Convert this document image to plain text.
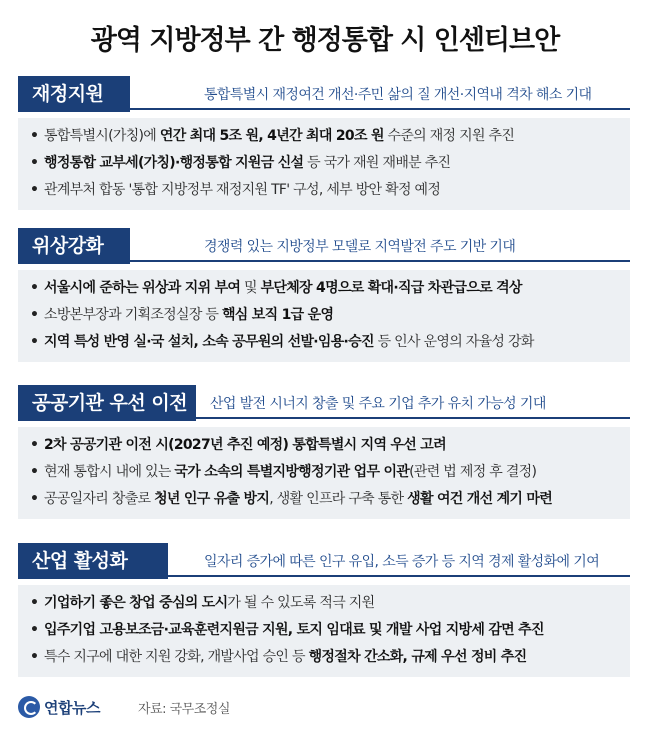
광역 지방정부 간 행정통합 시 인센티브안
재정지원	통합특별시 재정여건 개선·주민 삶의 질 개선·지역내 격차 해소 기대
• 통합특별시(가칭)에 연간 최대 5조 원, 4년간 최대 20조 원 수준의 재정 지원 추진
• 행정통합 교부세(가칭)·행정통합 지원금 신설 등 국가 재원 재배분 추진
• 관계부처 합동 '통합 지방정부 재정지원 TF' 구성, 세부 방안 확정 예정
위상강화	경쟁력 있는 지방정부 모델로 지역발전 주도 기반 기대
• 서울시에 준하는 위상과 지위 부여 및 부단체장 4명으로 확대·직급 차관급으로 격상
• 소방본부장과 기획조정실장 등 핵심 보직 1급 운영
• 지역 특성 반영 실·국 설치, 소속 공무원의 선발·임용·승진 등 인사 운영의 자율성 강화
공공기관 우선 이전	산업 발전 시너지 창출 및 주요 기업 추가 유치 가능성 기대
• 2차 공공기관 이전 시(2027년 추진 예정) 통합특별시 지역 우선 고려
• 현재 통합시 내에 있는 국가 소속의 특별지방행정기관 업무 이관(관련 법 제정 후 결정)
• 공공일자리 창출로 청년 인구 유출 방지, 생활 인프라 구축 통한 생활 여건 개선 계기 마련
산업 활성화	일자리 증가에 따른 인구 유입, 소득 증가 등 지역 경제 활성화에 기여
• 기업하기 좋은 창업 중심의 도시가 될 수 있도록 적극 지원
• 입주기업 고용보조금·교육훈련지원금 지원, 토지 임대료 및 개발 사업 지방세 감면 추진
• 특수 지구에 대한 지원 강화, 개발사업 승인 등 행정절차 간소화, 규제 우선 정비 추진
연합뉴스	자료: 국무조정실
